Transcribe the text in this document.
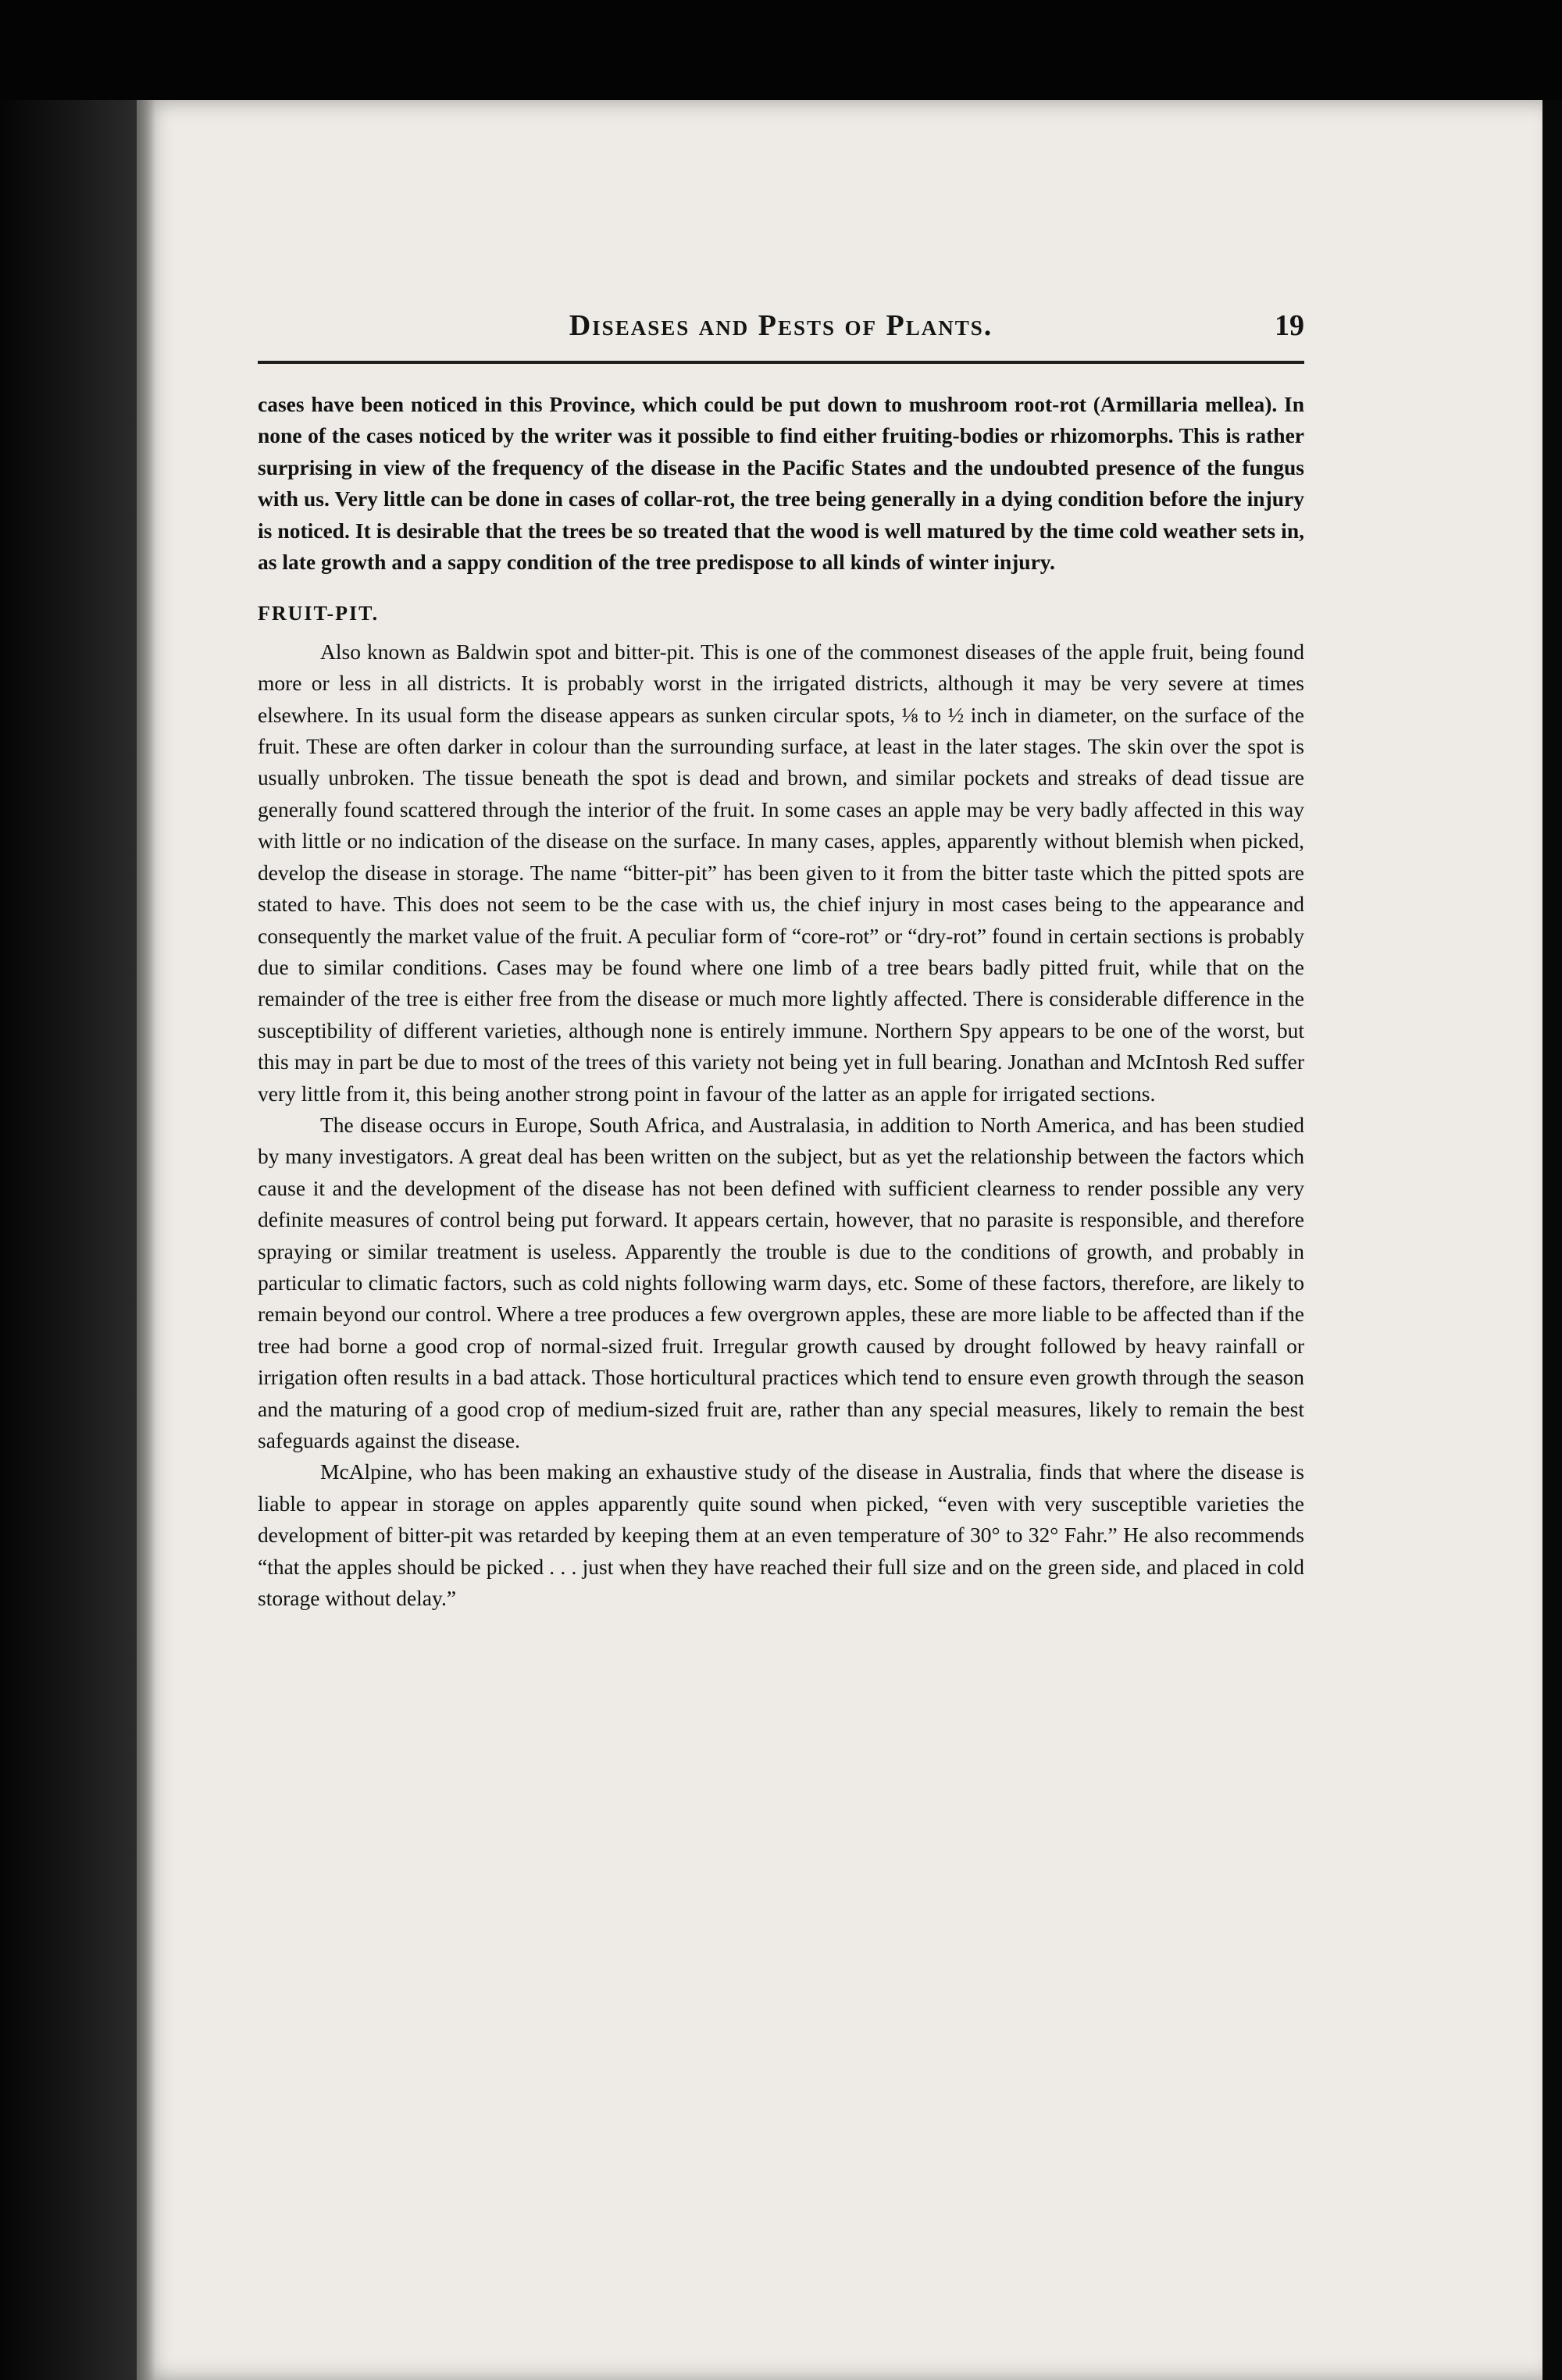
Diseases and Pests of Plants.	19

cases have been noticed in this Province, which could be put down to mushroom root-rot (Armillaria mellea). In none of the cases noticed by the writer was it possible to find either fruiting-bodies or rhizomorphs. This is rather surprising in view of the frequency of the disease in the Pacific States and the undoubted presence of the fungus with us. Very little can be done in cases of collar-rot, the tree being generally in a dying condition before the injury is noticed. It is desirable that the trees be so treated that the wood is well matured by the time cold weather sets in, as late growth and a sappy condition of the tree predispose to all kinds of winter injury.

FRUIT-PIT.

Also known as Baldwin spot and bitter-pit. This is one of the commonest diseases of the apple fruit, being found more or less in all districts. It is probably worst in the irrigated districts, although it may be very severe at times elsewhere. In its usual form the disease appears as sunken circular spots, ⅛ to ½ inch in diameter, on the surface of the fruit. These are often darker in colour than the surrounding surface, at least in the later stages. The skin over the spot is usually unbroken. The tissue beneath the spot is dead and brown, and similar pockets and streaks of dead tissue are generally found scattered through the interior of the fruit. In some cases an apple may be very badly affected in this way with little or no indication of the disease on the surface. In many cases, apples, apparently without blemish when picked, develop the disease in storage. The name “bitter-pit” has been given to it from the bitter taste which the pitted spots are stated to have. This does not seem to be the case with us, the chief injury in most cases being to the appearance and consequently the market value of the fruit. A peculiar form of “core-rot” or “dry-rot” found in certain sections is probably due to similar conditions. Cases may be found where one limb of a tree bears badly pitted fruit, while that on the remainder of the tree is either free from the disease or much more lightly affected. There is considerable difference in the susceptibility of different varieties, although none is entirely immune. Northern Spy appears to be one of the worst, but this may in part be due to most of the trees of this variety not being yet in full bearing. Jonathan and McIntosh Red suffer very little from it, this being another strong point in favour of the latter as an apple for irrigated sections.

The disease occurs in Europe, South Africa, and Australasia, in addition to North America, and has been studied by many investigators. A great deal has been written on the subject, but as yet the relationship between the factors which cause it and the development of the disease has not been defined with sufficient clearness to render possible any very definite measures of control being put forward. It appears certain, however, that no parasite is responsible, and therefore spraying or similar treatment is useless. Apparently the trouble is due to the conditions of growth, and probably in particular to climatic factors, such as cold nights following warm days, etc. Some of these factors, therefore, are likely to remain beyond our control. Where a tree produces a few overgrown apples, these are more liable to be affected than if the tree had borne a good crop of normal-sized fruit. Irregular growth caused by drought followed by heavy rainfall or irrigation often results in a bad attack. Those horticultural practices which tend to ensure even growth through the season and the maturing of a good crop of medium-sized fruit are, rather than any special measures, likely to remain the best safeguards against the disease.

McAlpine, who has been making an exhaustive study of the disease in Australia, finds that where the disease is liable to appear in storage on apples apparently quite sound when picked, “even with very susceptible varieties the development of bitter-pit was retarded by keeping them at an even temperature of 30° to 32° Fahr.” He also recommends “that the apples should be picked . . . just when they have reached their full size and on the green side, and placed in cold storage without delay.”
